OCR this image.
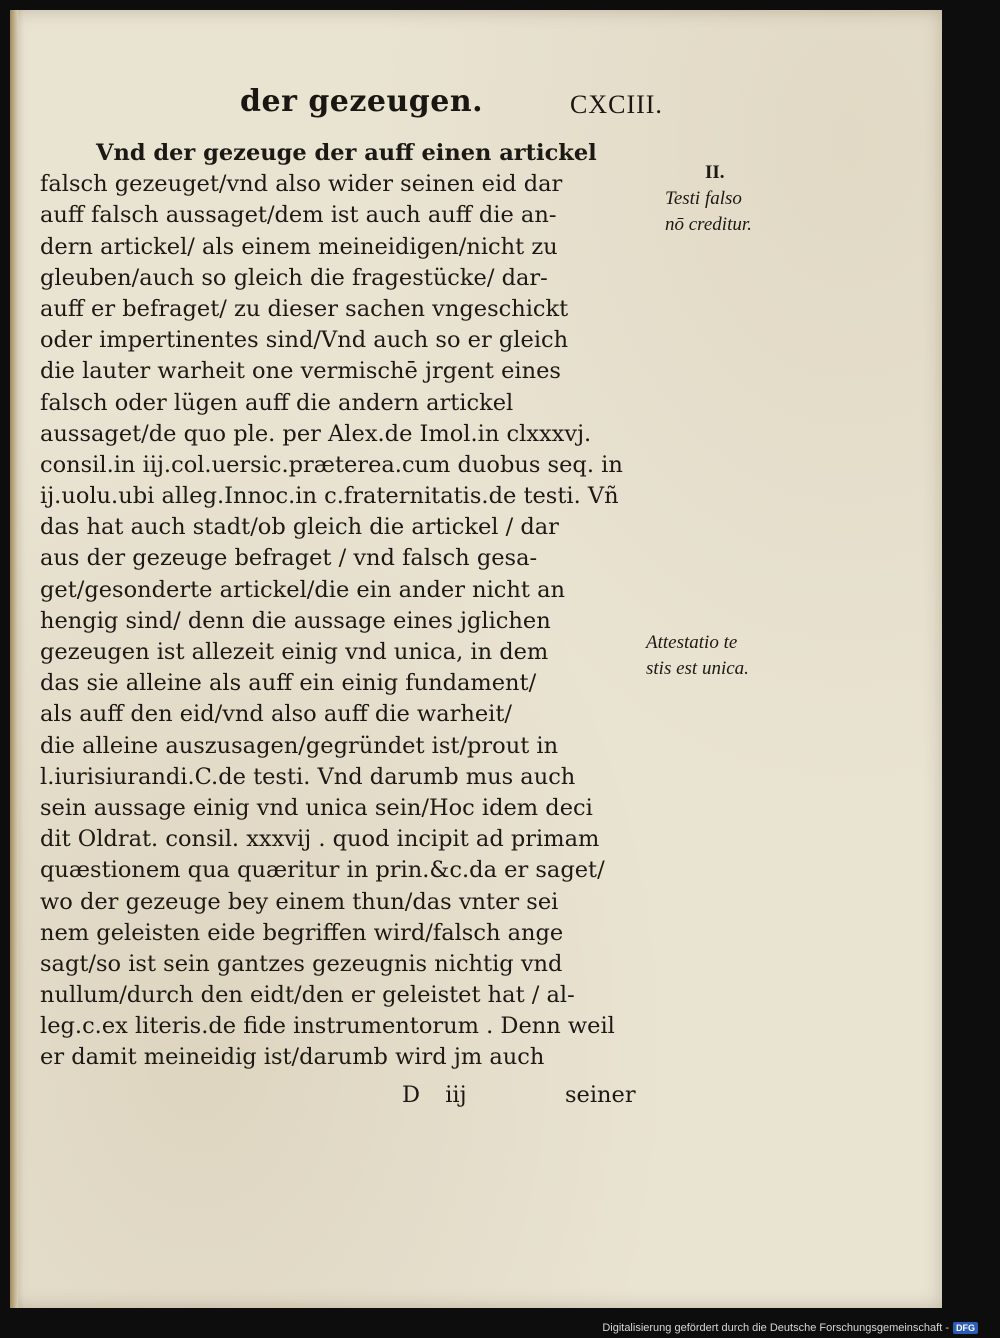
der gezeugen.	CXCIII.
Vnd der gezeuge der auff einen artickel
falsch gezeuget/vnd also wider seinen eid dar
auff falsch aussaget/dem ist auch auff die an-
dern artickel/ als einem meineidigen/nicht zu
gleuben/auch so gleich die fragestücke/ dar-
auff er befraget/ zu dieser sachen vngeschickt
oder impertinentes sind/Vnd auch so er gleich
die lauter warheit one vermischē jrgent eines
falsch oder lügen auff die andern artickel
aussaget/de quo ple. per Alex.de Imol.in clxxxvj.
consil.in iij.col.uersic.præterea.cum duobus seq. in
ij.uolu.ubi alleg.Innoc.in c.fraternitatis.de testi. Vñ
das hat auch stadt/ob gleich die artickel / dar
aus der gezeuge befraget / vnd falsch gesa-
get/gesonderte artickel/die ein ander nicht an
hengig sind/ denn die aussage eines jglichen
gezeugen ist allezeit einig vnd unica, in dem
das sie alleine als auff ein einig fundament/
als auff den eid/vnd also auff die warheit/
die alleine auszusagen/gegründet ist/prout in
l.iurisiurandi.C.de testi. Vnd darumb mus auch
sein aussage einig vnd unica sein/Hoc idem deci
dit Oldrat. consil. xxxvij . quod incipit ad primam
quæstionem qua quæritur in prin.&c.da er saget/
wo der gezeuge bey einem thun/das vnter sei
nem geleisten eide begriffen wird/falsch ange
sagt/so ist sein gantzes gezeugnis nichtig vnd
nullum/durch den eidt/den er geleistet hat / al-
leg.c.ex literis.de fide instrumentorum . Denn weil
er damit meineidig ist/darumb wird jm auch
II.
Testi falso
nō creditur.
Attestatio te
stis est unica.
D iij	seiner
Digitalisierung gefördert durch die Deutsche Forschungsgemeinschaft - DFG
